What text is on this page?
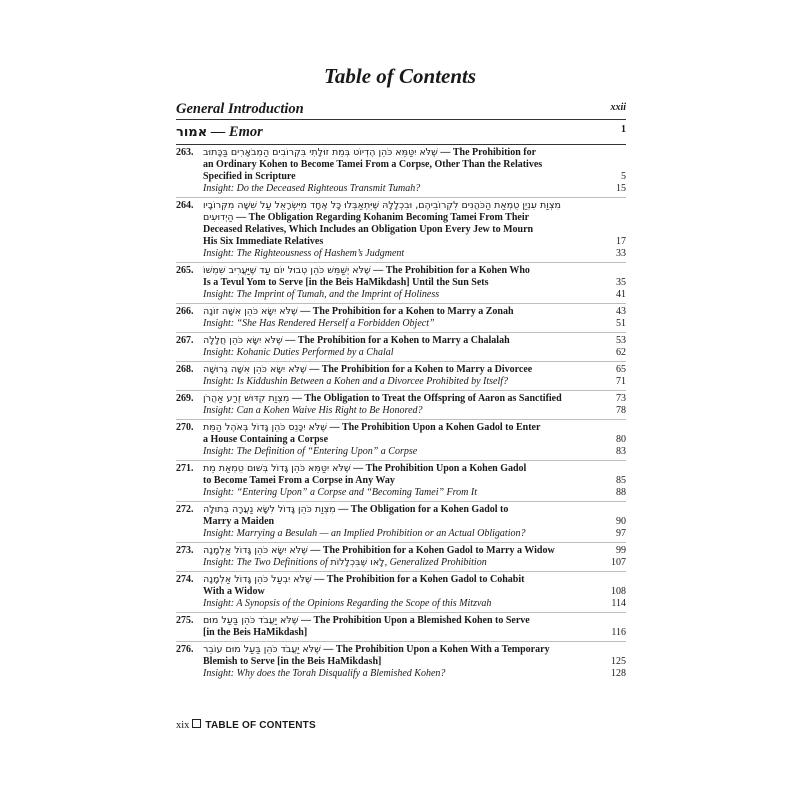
Table of Contents
General Introduction	xxii
אמור — Emor	1
263. שֶׁלֹּא יִטַּמֵּא כֹּהֵן הֶדְיוֹט בְּמֵת זוּלָתִי בִּקְרוֹבִים הַמְבֹאָרִים בַּכָּתוּב — The Prohibition for
an Ordinary Kohen to Become Tamei From a Corpse, Other Than the Relatives
Specified in Scripture	5
Insight: Do the Deceased Righteous Transmit Tumah?	15
264. מִצְוַת עִנְיַן טֻמְאַת הַכֹּהֲנִים לִקְרוֹבֵיהֶם, וּבִכְלָלָהּ שֶׁיִּתְאַבְּלוּ כָּל אֶחָד מִיִּשְׂרָאֵל עַל שִׁשָּׁה מִקְּרוֹבָיו
הַיְדוּעִים — The Obligation Regarding Kohanim Becoming Tamei From Their
Deceased Relatives, Which Includes an Obligation Upon Every Jew to Mourn
His Six Immediate Relatives	17
Insight: The Righteousness of Hashem’s Judgment	33
265. שֶׁלֹּא יְשַׁמֵּשׁ כֹּהֵן טְבוּל יוֹם עַד שֶׁיַּעֲרִיב שִׁמְשׁוֹ — The Prohibition for a Kohen Who
Is a Tevul Yom to Serve [in the Beis HaMikdash] Until the Sun Sets	35
Insight: The Imprint of Tumah, and the Imprint of Holiness	41
266. שֶׁלֹּא יִשָּׂא כֹּהֵן אִשָּׁה זוֹנָה — The Prohibition for a Kohen to Marry a Zonah	43
Insight: “She Has Rendered Herself a Forbidden Object”	51
267. שֶׁלֹּא יִשָּׂא כֹּהֵן חֲלָלָה — The Prohibition for a Kohen to Marry a Chalalah	53
Insight: Kohanic Duties Performed by a Chalal	62
268. שֶׁלֹּא יִשָּׂא כֹּהֵן אִשָּׁה גְּרוּשָׁה — The Prohibition for a Kohen to Marry a Divorcee	65
Insight: Is Kiddushin Between a Kohen and a Divorcee Prohibited by Itself?	71
269. מִצְוַת קִדּוּשׁ זֶרַע אַהֲרֹן — The Obligation to Treat the Offspring of Aaron as Sanctified	73
Insight: Can a Kohen Waive His Right to Be Honored?	78
270. שֶׁלֹּא יִכָּנֵס כֹּהֵן גָּדוֹל בְּאֹהֶל הַמֵּת — The Prohibition Upon a Kohen Gadol to Enter
a House Containing a Corpse	80
Insight: The Definition of “Entering Upon” a Corpse	83
271. שֶׁלֹּא יִטַּמֵּא כֹּהֵן גָּדוֹל בְּשׁוּם טֻמְאַת מֵת — The Prohibition Upon a Kohen Gadol
to Become Tamei From a Corpse in Any Way	85
Insight: “Entering Upon” a Corpse and “Becoming Tamei” From It	88
272. מִצְוַת כֹּהֵן גָּדוֹל לִשָּׂא נַעֲרָה בְּתוּלָה — The Obligation for a Kohen Gadol to
Marry a Maiden	90
Insight: Marrying a Besulah — an Implied Prohibition or an Actual Obligation?	97
273. שֶׁלֹּא יִשָּׂא כֹּהֵן גָּדוֹל אַלְמָנָה — The Prohibition for a Kohen Gadol to Marry a Widow	99
Insight: The Two Definitions of לָאו שֶׁבִּכְלָלוֹת, Generalized Prohibition	107
274. שֶׁלֹּא יִבְעַל כֹּהֵן גָּדוֹל אַלְמָנָה — The Prohibition for a Kohen Gadol to Cohabit
With a Widow	108
Insight: A Synopsis of the Opinions Regarding the Scope of this Mitzvah	114
275. שֶׁלֹּא יַעֲבֹד כֹּהֵן בַּעַל מוּם — The Prohibition Upon a Blemished Kohen to Serve
[in the Beis HaMikdash]	116
276. שֶׁלֹּא יַעֲבֹד כֹּהֵן בַּעַל מוּם עוֹבֵר — The Prohibition Upon a Kohen With a Temporary
Blemish to Serve [in the Beis HaMikdash]	125
Insight: Why does the Torah Disqualify a Blemished Kohen?	128
xix TABLE OF CONTENTS
